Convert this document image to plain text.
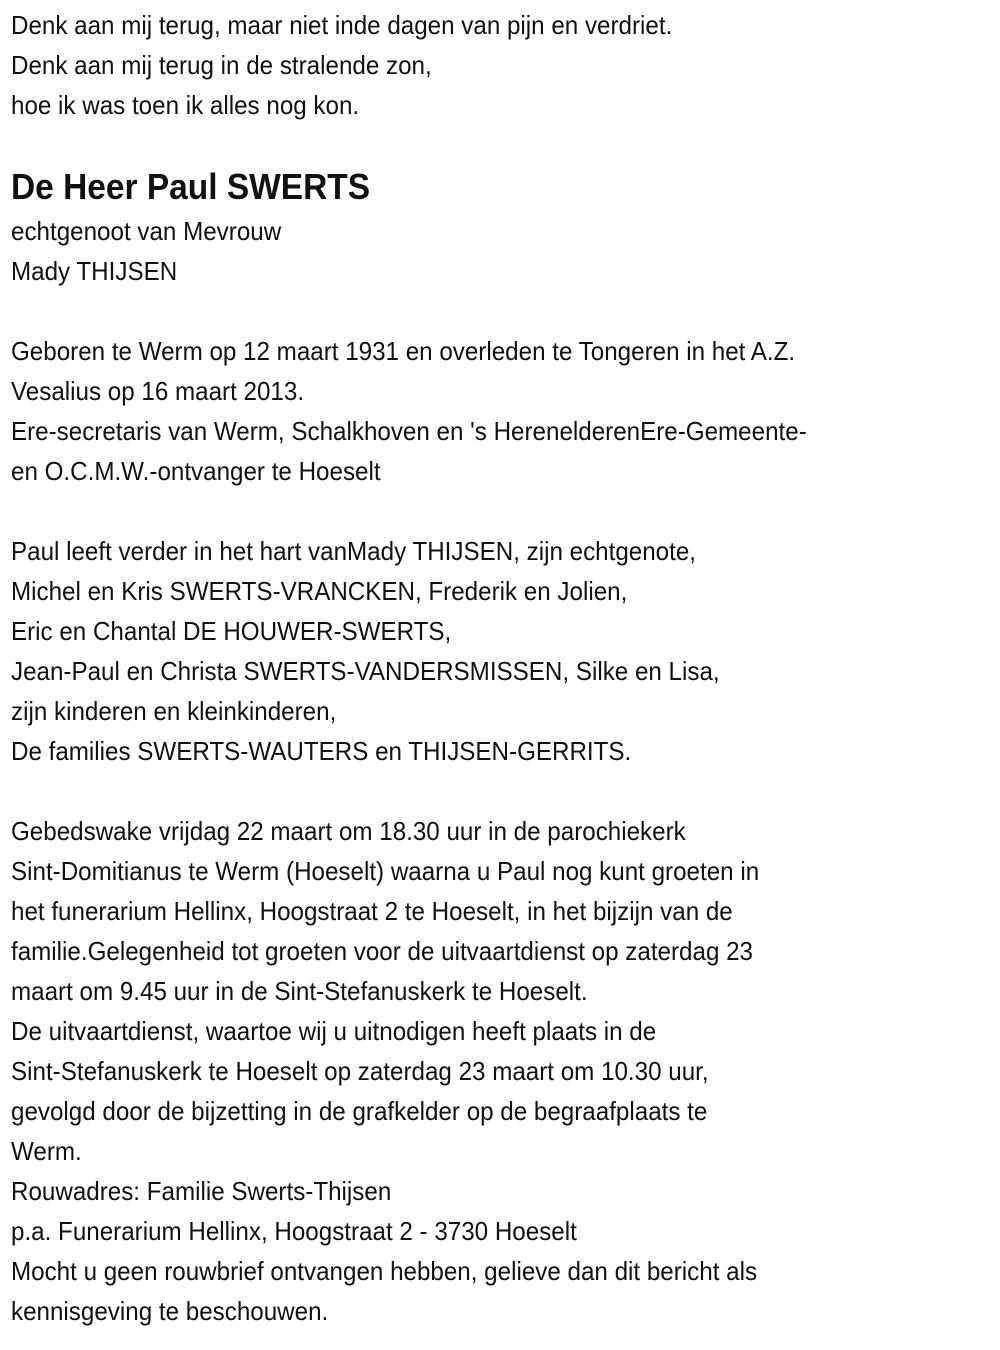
Denk aan mij terug, maar niet inde dagen van pijn en verdriet.
Denk aan mij terug in de stralende zon,
hoe ik was toen ik alles nog kon.
De Heer Paul SWERTS
echtgenoot van Mevrouw
Mady THIJSEN
Geboren te Werm op 12 maart 1931 en overleden te Tongeren in het A.Z.
Vesalius op 16 maart 2013.
Ere-secretaris van Werm, Schalkhoven en 's HerenelderenEre-Gemeente-
en O.C.M.W.-ontvanger te Hoeselt
Paul leeft verder in het hart vanMady THIJSEN, zijn echtgenote,
Michel en Kris SWERTS-VRANCKEN, Frederik en Jolien,
Eric en Chantal DE HOUWER-SWERTS,
Jean-Paul en Christa SWERTS-VANDERSMISSEN, Silke en Lisa,
zijn kinderen en kleinkinderen,
De families SWERTS-WAUTERS en THIJSEN-GERRITS.
Gebedswake vrijdag 22 maart om 18.30 uur in de parochiekerk
Sint-Domitianus te Werm (Hoeselt) waarna u Paul nog kunt groeten in
het funerarium Hellinx, Hoogstraat 2 te Hoeselt, in het bijzijn van de
familie.Gelegenheid tot groeten voor de uitvaartdienst op zaterdag 23
maart om 9.45 uur in de Sint-Stefanuskerk te Hoeselt.
De uitvaartdienst, waartoe wij u uitnodigen heeft plaats in de
Sint-Stefanuskerk te Hoeselt op zaterdag 23 maart om 10.30 uur,
gevolgd door de bijzetting in de grafkelder op de begraafplaats te
Werm.
Rouwadres: Familie Swerts-Thijsen
p.a. Funerarium Hellinx, Hoogstraat 2 - 3730 Hoeselt
Mocht u geen rouwbrief ontvangen hebben, gelieve dan dit bericht als
kennisgeving te beschouwen.
